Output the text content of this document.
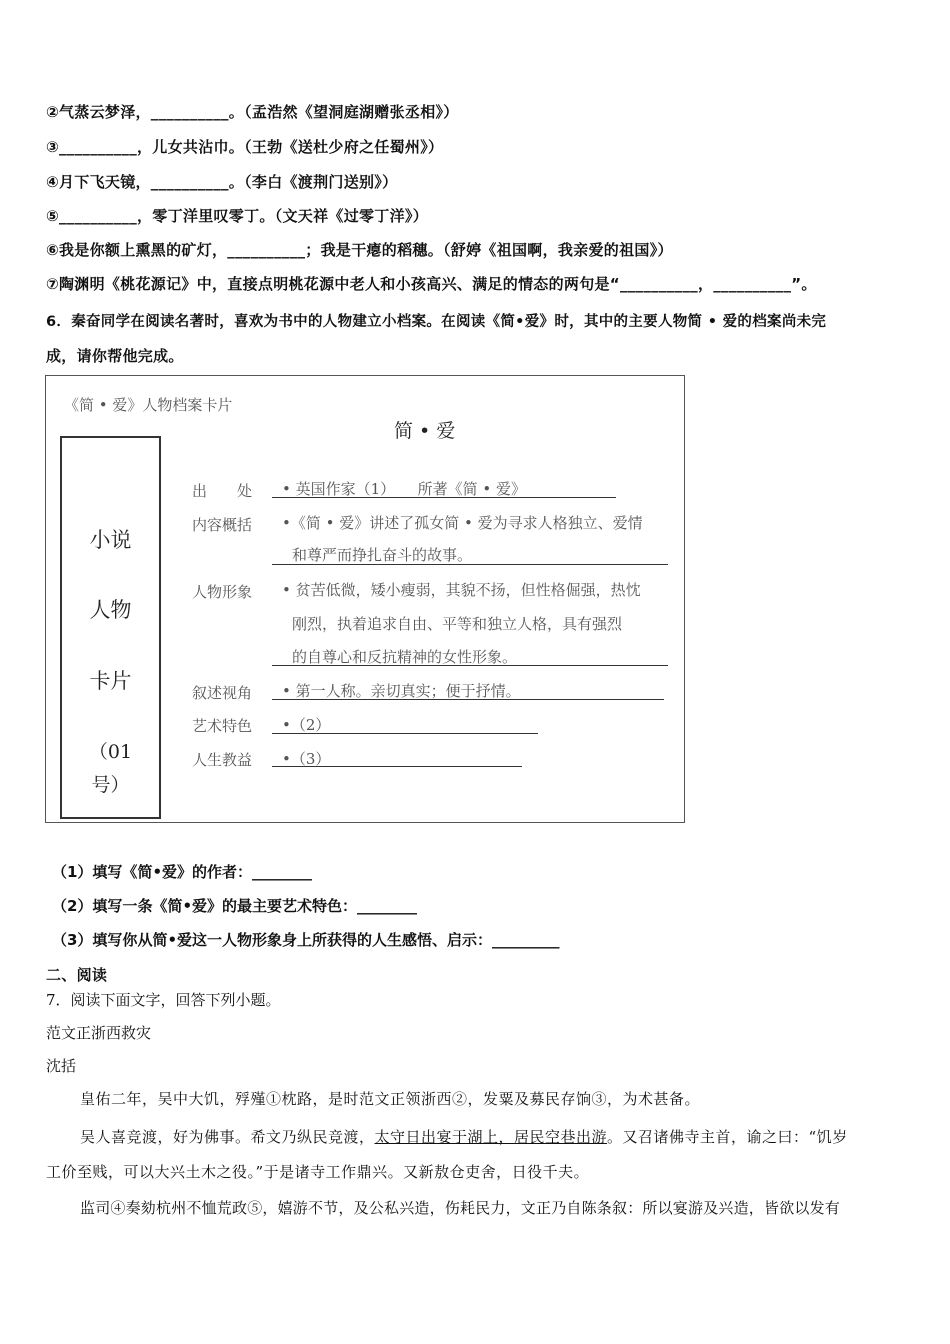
②气蒸云梦泽，__________。（孟浩然《望洞庭湖赠张丞相》）
③__________，儿女共沾巾。（王勃《送杜少府之任蜀州》）
④月下飞天镜，__________。（李白《渡荆门送别》）
⑤__________，零丁洋里叹零丁。（文天祥《过零丁洋》）
⑥我是你额上熏黑的矿灯，__________；我是干瘪的稻穗。（舒婷《祖国啊，我亲爱的祖国》）
⑦陶渊明《桃花源记》中，直接点明桃花源中老人和小孩高兴、满足的情态的两句是“__________，__________”。
6．秦奋同学在阅读名著时，喜欢为书中的人物建立小档案。在阅读《简•爱》时，其中的主要人物简 • 爱的档案尚未完
成，请你帮他完成。
《简 • 爱》人物档案卡片
简 • 爱
小说
人物
卡片
（01
号）
出　　处 • 英国作家（1）　　所著《简 • 爱》
内容概括 •《简 • 爱》讲述了孤女简 • 爱为寻求人格独立、爱情
和尊严而挣扎奋斗的故事。
人物形象 • 贫苦低微，矮小瘦弱，其貌不扬，但性格倔强，热忱
刚烈，执着追求自由、平等和独立人格，具有强烈
的自尊心和反抗精神的女性形象。
叙述视角 • 第一人称。亲切真实；便于抒情。
艺术特色 •（2）
人生教益 •（3）
（1）填写《简•爱》的作者：________
（2）填写一条《简•爱》的最主要艺术特色：________
（3）填写你从简•爱这一人物形象身上所获得的人生感悟、启示：_________
二、阅读
7．阅读下面文字，回答下列小题。
范文正浙西救灾
沈括
皇佑二年，吴中大饥，殍殣①枕路，是时范文正领浙西②，发粟及募民存饷③，为术甚备。
吴人喜竞渡，好为佛事。希文乃纵民竞渡，太守日出宴于湖上，居民空巷出游。又召诸佛寺主首，谕之曰：“饥岁
工价至贱，可以大兴土木之役。”于是诸寺工作鼎兴。又新敖仓吏舍，日役千夫。
监司④奏劾杭州不恤荒政⑤，嬉游不节，及公私兴造，伤耗民力，文正乃自陈条叙：所以宴游及兴造，皆欲以发有
